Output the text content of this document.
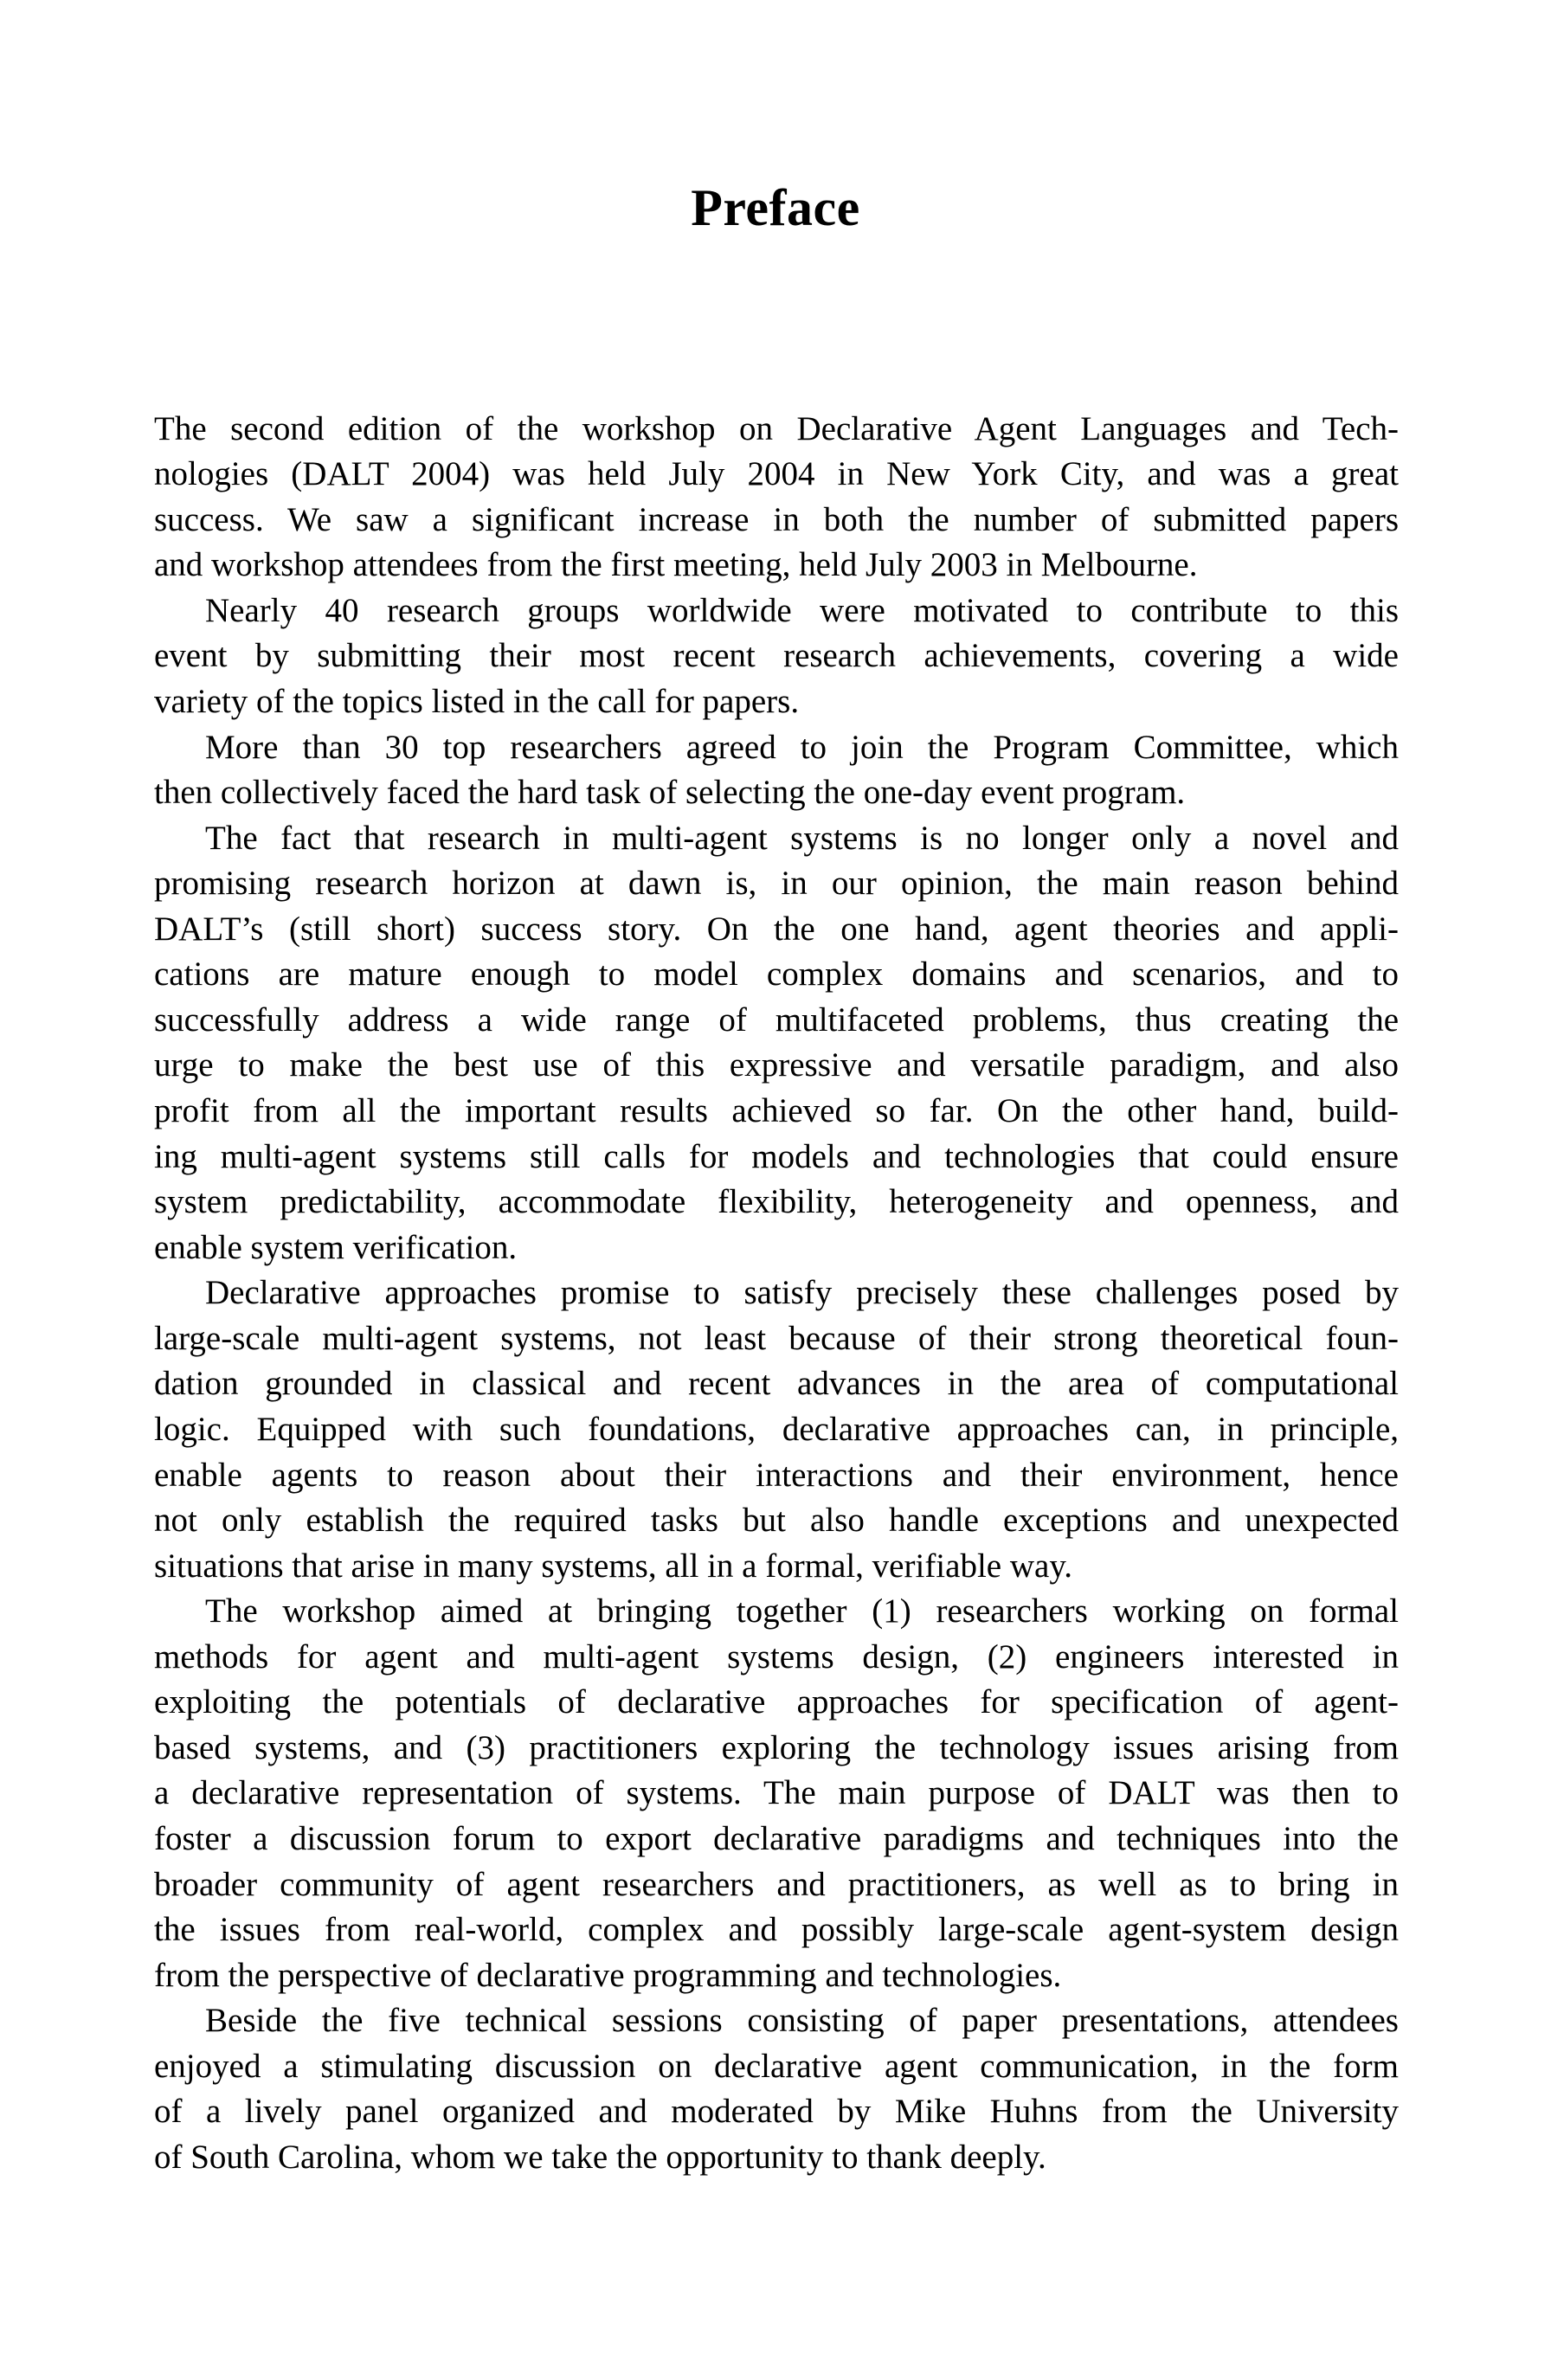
Preface
The second edition of the workshop on Declarative Agent Languages and Tech-
nologies (DALT 2004) was held July 2004 in New York City, and was a great
success. We saw a significant increase in both the number of submitted papers
and workshop attendees from the first meeting, held July 2003 in Melbourne.
Nearly 40 research groups worldwide were motivated to contribute to this
event by submitting their most recent research achievements, covering a wide
variety of the topics listed in the call for papers.
More than 30 top researchers agreed to join the Program Committee, which
then collectively faced the hard task of selecting the one-day event program.
The fact that research in multi-agent systems is no longer only a novel and
promising research horizon at dawn is, in our opinion, the main reason behind
DALT’s (still short) success story. On the one hand, agent theories and appli-
cations are mature enough to model complex domains and scenarios, and to
successfully address a wide range of multifaceted problems, thus creating the
urge to make the best use of this expressive and versatile paradigm, and also
profit from all the important results achieved so far. On the other hand, build-
ing multi-agent systems still calls for models and technologies that could ensure
system predictability, accommodate flexibility, heterogeneity and openness, and
enable system verification.
Declarative approaches promise to satisfy precisely these challenges posed by
large-scale multi-agent systems, not least because of their strong theoretical foun-
dation grounded in classical and recent advances in the area of computational
logic. Equipped with such foundations, declarative approaches can, in principle,
enable agents to reason about their interactions and their environment, hence
not only establish the required tasks but also handle exceptions and unexpected
situations that arise in many systems, all in a formal, verifiable way.
The workshop aimed at bringing together (1) researchers working on formal
methods for agent and multi-agent systems design, (2) engineers interested in
exploiting the potentials of declarative approaches for specification of agent-
based systems, and (3) practitioners exploring the technology issues arising from
a declarative representation of systems. The main purpose of DALT was then to
foster a discussion forum to export declarative paradigms and techniques into the
broader community of agent researchers and practitioners, as well as to bring in
the issues from real-world, complex and possibly large-scale agent-system design
from the perspective of declarative programming and technologies.
Beside the five technical sessions consisting of paper presentations, attendees
enjoyed a stimulating discussion on declarative agent communication, in the form
of a lively panel organized and moderated by Mike Huhns from the University
of South Carolina, whom we take the opportunity to thank deeply.
